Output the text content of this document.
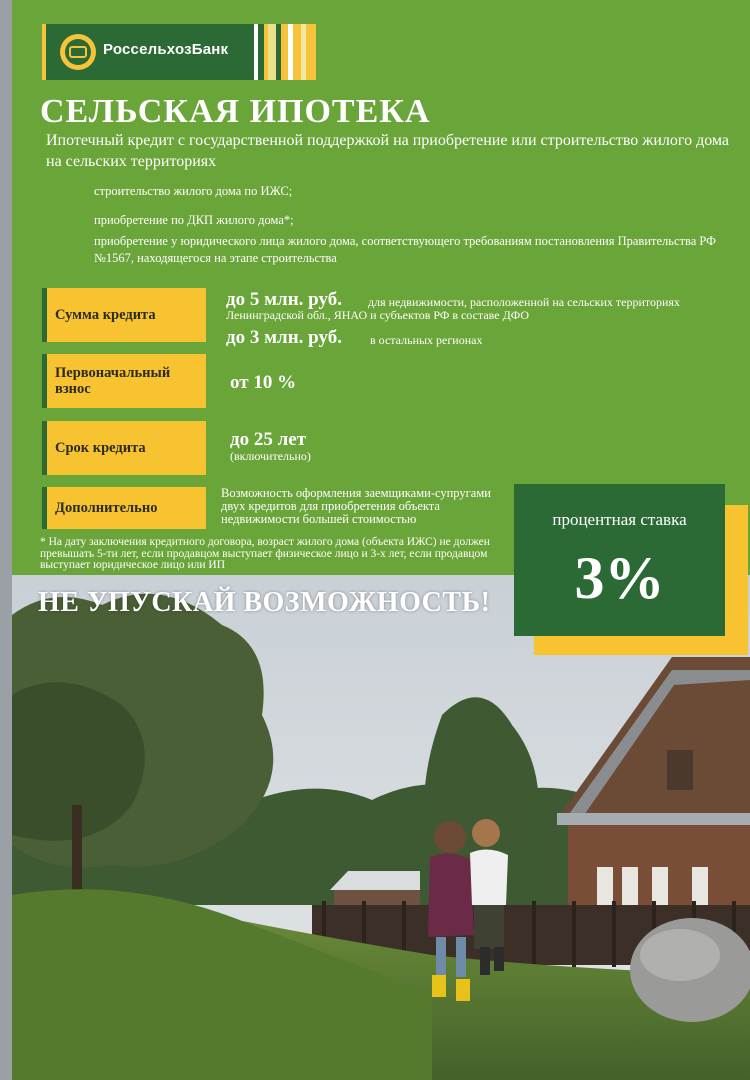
РоссельхозБанк
СЕЛЬСКАЯ ИПОТЕКА
Ипотечный кредит с государственной поддержкой на приобретение или строительство жилого дома на сельских территориях
строительство жилого дома по ИЖС;
приобретение по ДКП жилого дома*;
приобретение у юридического лица жилого дома, соответствующего требованиям постановления Правительства РФ №1567, находящегося на этапе строительства
Сумма кредита
до 5 млн. руб. для недвижимости, расположенной на сельских территориях
Ленинградской обл., ЯНАО и субъектов РФ в составе ДФО
до 3 млн. руб. в остальных регионах
Первоначальный взнос	от 10 %
Срок кредита	до 25 лет
(включительно)
Дополнительно
Возможность оформления заемщиками-супругами двух кредитов для приобретения объекта недвижимости большей стоимостью
* На дату заключения кредитного договора, возраст жилого дома (объекта ИЖС) не должен превышать 5-ти лет, если продавцом выступает физическое лицо и 3-х лет, если продавцом выступает юридическое лицо или ИП
НЕ УПУСКАЙ ВОЗМОЖНОСТЬ!
процентная ставка
3%
